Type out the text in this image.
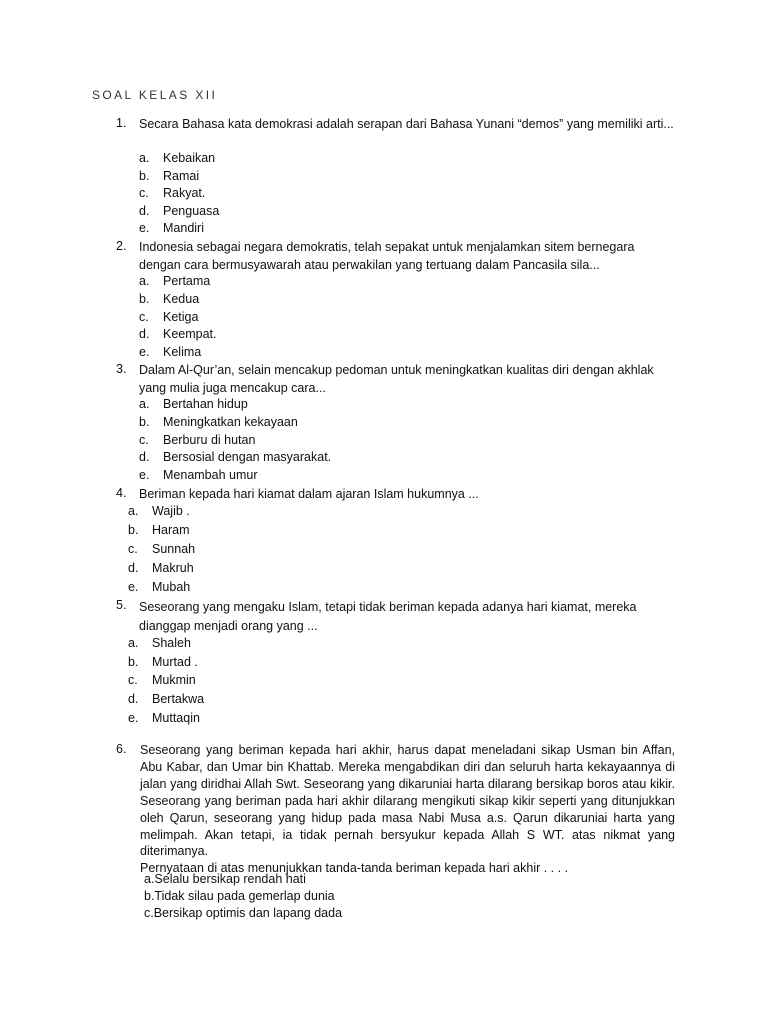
SOAL KELAS XII
1. Secara Bahasa kata demokrasi adalah serapan dari Bahasa Yunani “demos” yang memiliki arti...
a. Kebaikan
b. Ramai
c. Rakyat.
d. Penguasa
e. Mandiri
2. Indonesia sebagai negara demokratis, telah sepakat untuk menjalamkan sitem bernegara dengan cara bermusyawarah atau perwakilan yang tertuang dalam Pancasila sila...
a. Pertama
b. Kedua
c. Ketiga
d. Keempat.
e. Kelima
3. Dalam Al-Qur’an, selain mencakup pedoman untuk meningkatkan kualitas diri dengan akhlak yang mulia juga mencakup cara...
a. Bertahan hidup
b. Meningkatkan kekayaan
c. Berburu di hutan
d. Bersosial dengan masyarakat.
e. Menambah umur
4. Beriman kepada hari kiamat dalam ajaran Islam hukumnya ...
a. Wajib .
b. Haram
c. Sunnah
d. Makruh
e. Mubah
5. Seseorang yang mengaku Islam, tetapi tidak beriman kepada adanya hari kiamat, mereka dianggap menjadi orang yang ...
a. Shaleh
b. Murtad .
c. Mukmin
d. Bertakwa
e. Muttaqin
6. Seseorang yang beriman kepada hari akhir, harus dapat meneladani sikap Usman bin Affan, Abu Kabar, dan Umar bin Khattab. Mereka mengabdikan diri dan seluruh harta kekayaannya di jalan yang diridhai Allah Swt. Seseorang yang dikaruniai harta dilarang bersikap boros atau kikir. Seseorang yang beriman pada hari akhir dilarang mengikuti sikap kikir seperti yang ditunjukkan oleh Qarun, seseorang yang hidup pada masa Nabi Musa a.s. Qarun dikaruniai harta yang melimpah. Akan tetapi, ia tidak pernah bersyukur kepada Allah S WT. atas nikmat yang diterimanya.

Pernyataan di atas menunjukkan tanda-tanda beriman kepada hari akhir . . . .

a.Selalu bersikap rendah hati
b.Tidak silau pada gemerlap dunia
c.Bersikap optimis dan lapang dada
